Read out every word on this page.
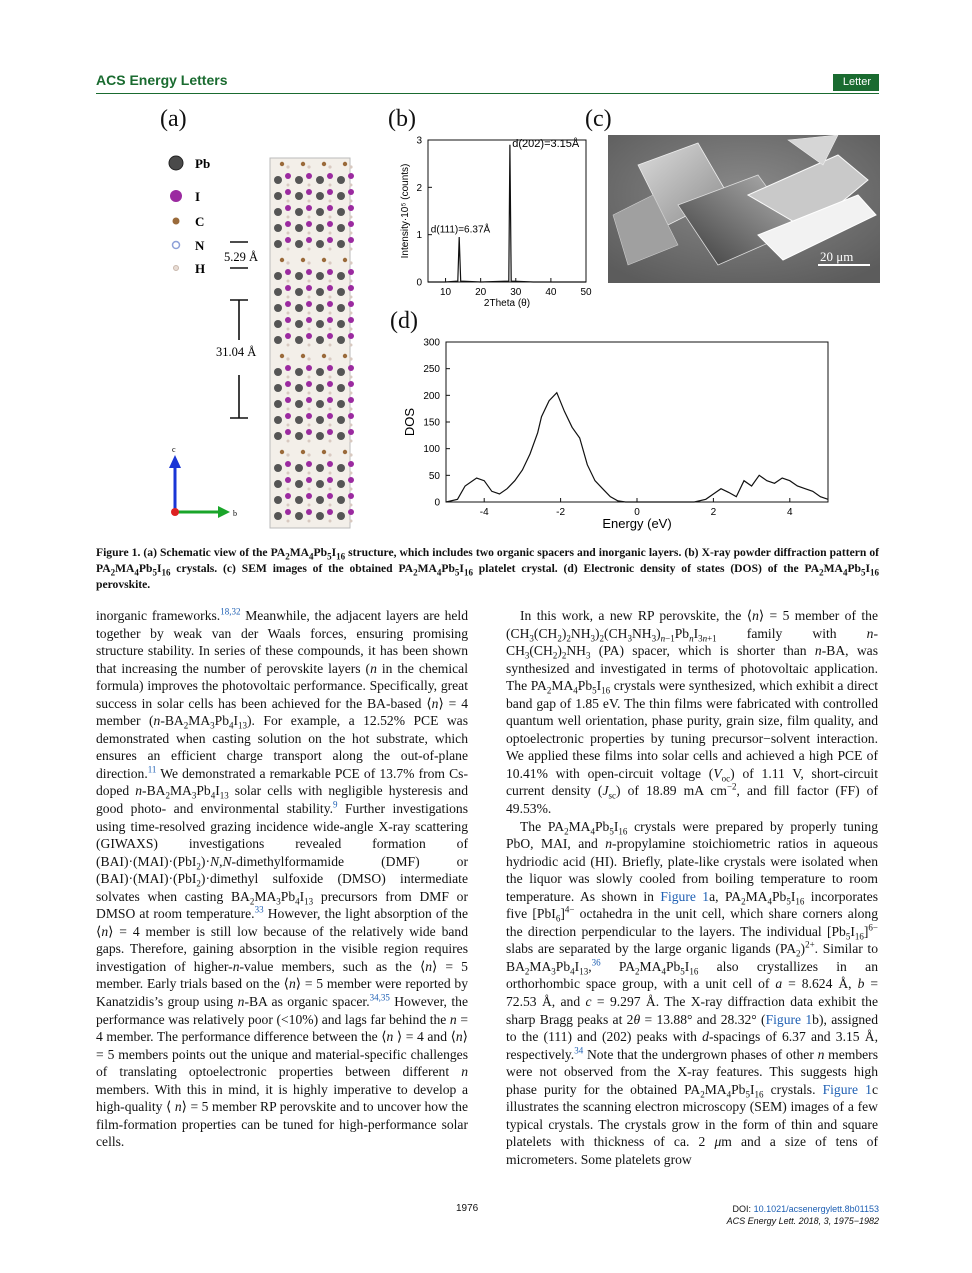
ACS Energy Letters	Letter
(a)	(b)	(c)
(d)
Pb
I
C
N
H
5.29 Å
31.04 Å
c
b
10 20 30 40 50
0
1
2
3
2Theta (θ)
Intensity·10⁵ (counts)
d(202)=3.15Å
d(111)=6.37Å
20 μm
-4	-2	0	2	4
0
50
100
150
200
250
300
Energy (eV)
DOS
Figure 1. (a) Schematic view of the $PA_2MA_4Pb_5I_{16}$ structure, which includes two organic spacers and inorganic layers. (b) X-ray powder diffraction pattern of $PA_2MA_4Pb_5I_{16}$ crystals. (c) SEM images of the obtained $PA_2MA_4Pb_5I_{16}$ platelet crystal. (d) Electronic density of states (DOS) of the $PA_2MA_4Pb_5I_{16}$ perovskite.

inorganic frameworks.$^{18,32}$ Meanwhile, the adjacent layers are held together by weak van der Waals forces, ensuring promising structure stability. In series of these compounds, it has been shown that increasing the number of perovskite layers (n in the chemical formula) improves the photovoltaic performance. Specifically, great success in solar cells has been achieved for the BA-based ⟨n⟩ = 4 member $(n-BA_2MA_3Pb_4I_{13})$. For example, a 12.52% PCE was demonstrated when casting solution on the hot substrate, which ensures an efficient charge transport along the out-of-plane direction.$^{11}$ We demonstrated a remarkable PCE of 13.7% from Cs-doped $n-BA_2MA_3Pb_4I_{13}$ solar cells with negligible hysteresis and good photo- and environmental stability.$^9$ Further investigations using time-resolved grazing incidence wide-angle X-ray scattering (GIWAXS) investigations revealed formation of (BAI)·(MAI)·(PbI$_2$)·N,N-dimethylformamide (DMF) or (BAI)·(MAI)·(PbI$_2$)·dimethyl sulfoxide (DMSO) intermediate solvates when casting $BA_2MA_3Pb_4I_{13}$ precursors from DMF or DMSO at room temperature.$^{33}$ However, the light absorption of the ⟨n⟩ = 4 member is still low because of the relatively wide band gaps. Therefore, gaining absorption in the visible region requires investigation of higher-n-value members, such as the ⟨n⟩ = 5 member. Early trials based on the ⟨n⟩ = 5 member were reported by Kanatzidis’s group using n-BA as organic spacer.$^{34,35}$ However, the performance was relatively poor (<10%) and lags far behind the n = 4 member. The performance difference between the ⟨n ⟩ = 4 and ⟨n⟩ = 5 members points out the unique and material-specific challenges of translating optoelectronic properties between different n members. With this in mind, it is highly imperative to develop a high-quality ⟨ n⟩ = 5 member RP perovskite and to uncover how the film-formation properties can be tuned for high-performance solar cells.

In this work, a new RP perovskite, the ⟨n⟩ = 5 member of the $(CH_3(CH_2)_2NH_3)_2(CH_3NH_3)_{n-1}Pb_nI_{3n+1}$ family with $n-CH_3(CH_2)_2NH_3$ (PA) spacer, which is shorter than n-BA, was synthesized and investigated in terms of photovoltaic application. The $PA_2MA_4Pb_5I_{16}$ crystals were synthesized, which exhibit a direct band gap of 1.85 eV. The thin films were fabricated with controlled quantum well orientation, phase purity, grain size, film quality, and optoelectronic properties by tuning precursor−solvent interaction. We applied these films into solar cells and achieved a high PCE of 10.41% with open-circuit voltage $(V_{oc})$ of 1.11 V, short-circuit current density $(J_{sc})$ of 18.89 mA $cm^{-2}$, and fill factor (FF) of 49.53%.

The $PA_2MA_4Pb_5I_{16}$ crystals were prepared by properly tuning PbO, MAI, and n-propylamine stoichiometric ratios in aqueous hydriodic acid (HI). Briefly, plate-like crystals were isolated when the liquor was slowly cooled from boiling temperature to room temperature. As shown in Figure 1a, $PA_2MA_4Pb_5I_{16}$ incorporates five $[PbI_6]^{4-}$ octahedra in the unit cell, which share corners along the direction perpendicular to the layers. The individual $[Pb_5I_{16}]^{6-}$ slabs are separated by the large organic ligands $(PA_2)^{2+}$. Similar to $BA_2MA_3Pb_4I_{13},^{36}$ $PA_2MA_4Pb_5I_{16}$ also crystallizes in an orthorhombic space group, with a unit cell of a = 8.624 Å, b = 72.53 Å, and c = 9.297 Å. The X-ray diffraction data exhibit the sharp Bragg peaks at 2θ = 13.88° and 28.32° (Figure 1b), assigned to the (111) and (202) peaks with d-spacings of 6.37 and 3.15 Å, respectively.$^{34}$ Note that the undergrown phases of other n members were not observed from the X-ray features. This suggests high phase purity for the obtained $PA_2MA_4Pb_5I_{16}$ crystals. Figure 1c illustrates the scanning electron microscopy (SEM) images of a few typical crystals. The crystals grow in the form of thin and square platelets with thickness of ca. 2 μm and a size of tens of micrometers. Some platelets grow

1976	DOI: 10.1021/acsenergylett.8b01153
ACS Energy Lett. 2018, 3, 1975−1982
